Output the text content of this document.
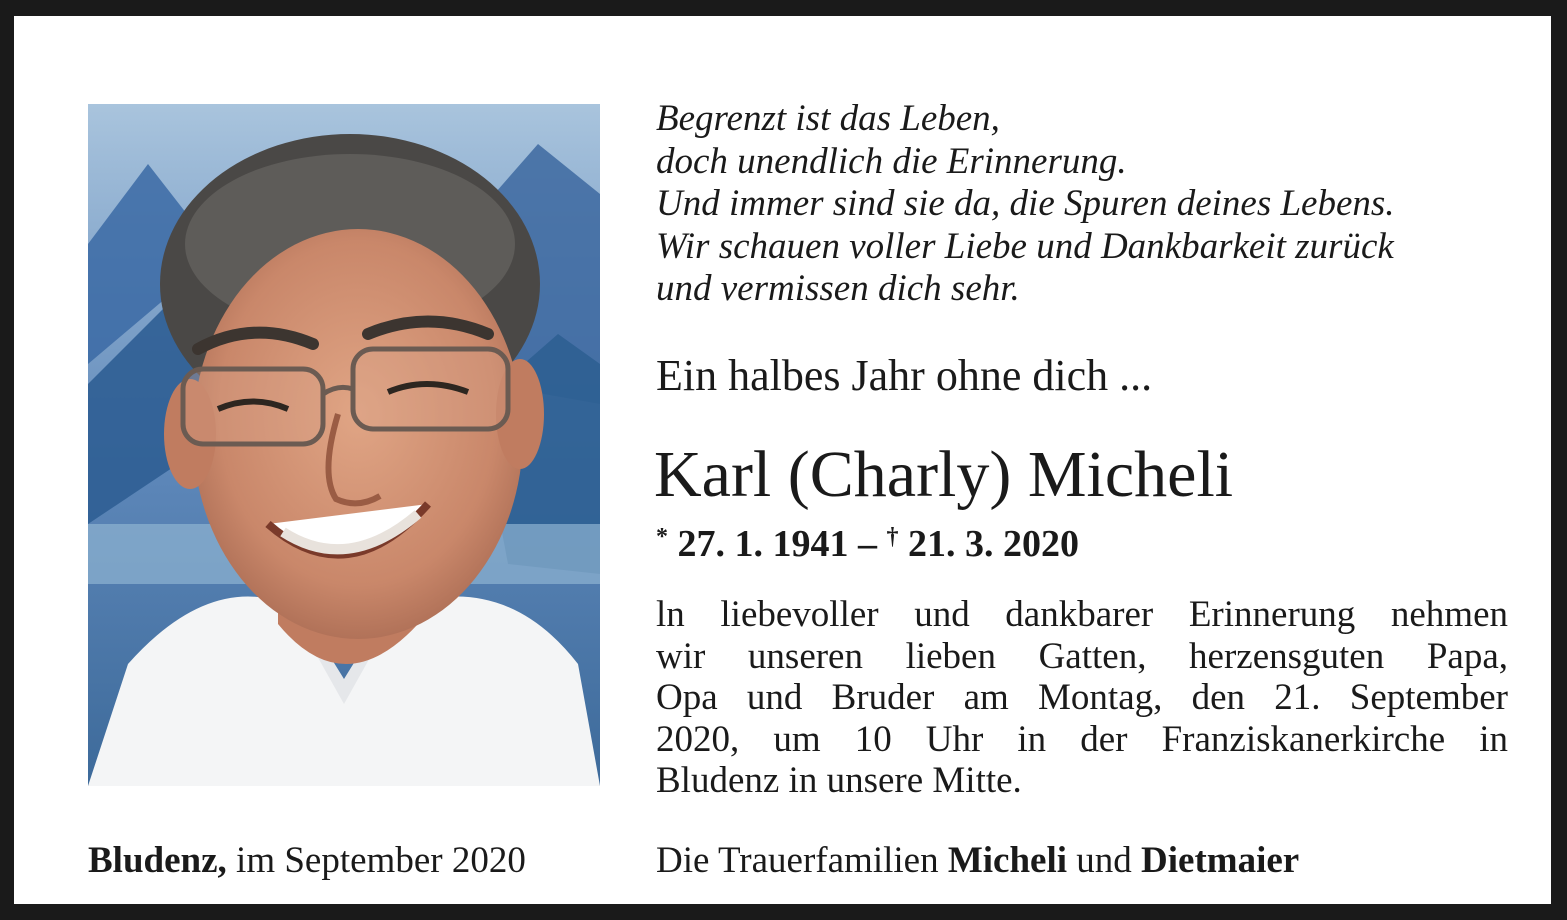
Begrenzt ist das Leben,
doch unendlich die Erinnerung.
Und immer sind sie da, die Spuren deines Lebens.
Wir schauen voller Liebe und Dankbarkeit zurück
und vermissen dich sehr.
Ein halbes Jahr ohne dich ...
Karl (Charly) Micheli
* 27. 1. 1941 – † 21. 3. 2020
ln liebevoller und dankbarer Erinnerung nehmen
wir unseren lieben Gatten, herzensguten Papa,
Opa und Bruder am Montag, den 21. September
2020, um 10 Uhr in der Franziskanerkirche in
Bludenz in unsere Mitte.
Bludenz, im September 2020	Die Trauerfamilien Micheli und Dietmaier
